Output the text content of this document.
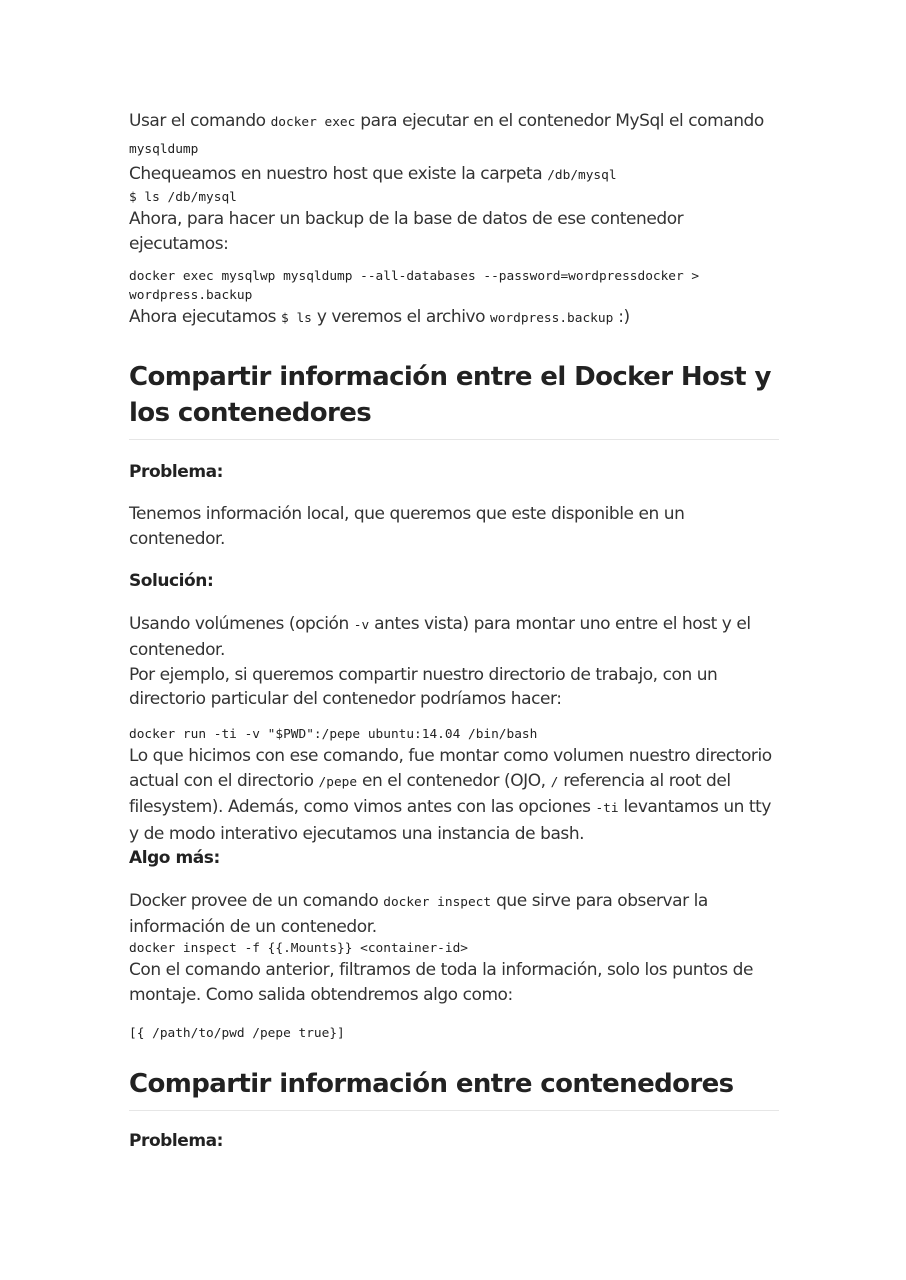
Usar el comando docker exec para ejecutar en el contenedor MySql el comando mysqldump

Chequeamos en nuestro host que existe la carpeta /db/mysql

$ ls /db/mysql

Ahora, para hacer un backup de la base de datos de ese contenedor ejecutamos:

docker exec mysqlwp mysqldump --all-databases --password=wordpressdocker > wordpress.backup

Ahora ejecutamos $ ls y veremos el archivo wordpress.backup :)

Compartir información entre el Docker Host y los contenedores

Problema:

Tenemos información local, que queremos que este disponible en un contenedor.

Solución:

Usando volúmenes (opción -v antes vista) para montar uno entre el host y el contenedor.

Por ejemplo, si queremos compartir nuestro directorio de trabajo, con un directorio particular del contenedor podríamos hacer:

docker run -ti -v "$PWD":/pepe ubuntu:14.04 /bin/bash

Lo que hicimos con ese comando, fue montar como volumen nuestro directorio actual con el directorio /pepe en el contenedor (OJO, / referencia al root del filesystem). Además, como vimos antes con las opciones -ti levantamos un tty y de modo interativo ejecutamos una instancia de bash.

Algo más:

Docker provee de un comando docker inspect que sirve para observar la información de un contenedor.

docker inspect -f {{.Mounts}} <container-id>

Con el comando anterior, filtramos de toda la información, solo los puntos de montaje. Como salida obtendremos algo como:

[{ /path/to/pwd /pepe true}]
Compartir información entre contenedores

Problema:
